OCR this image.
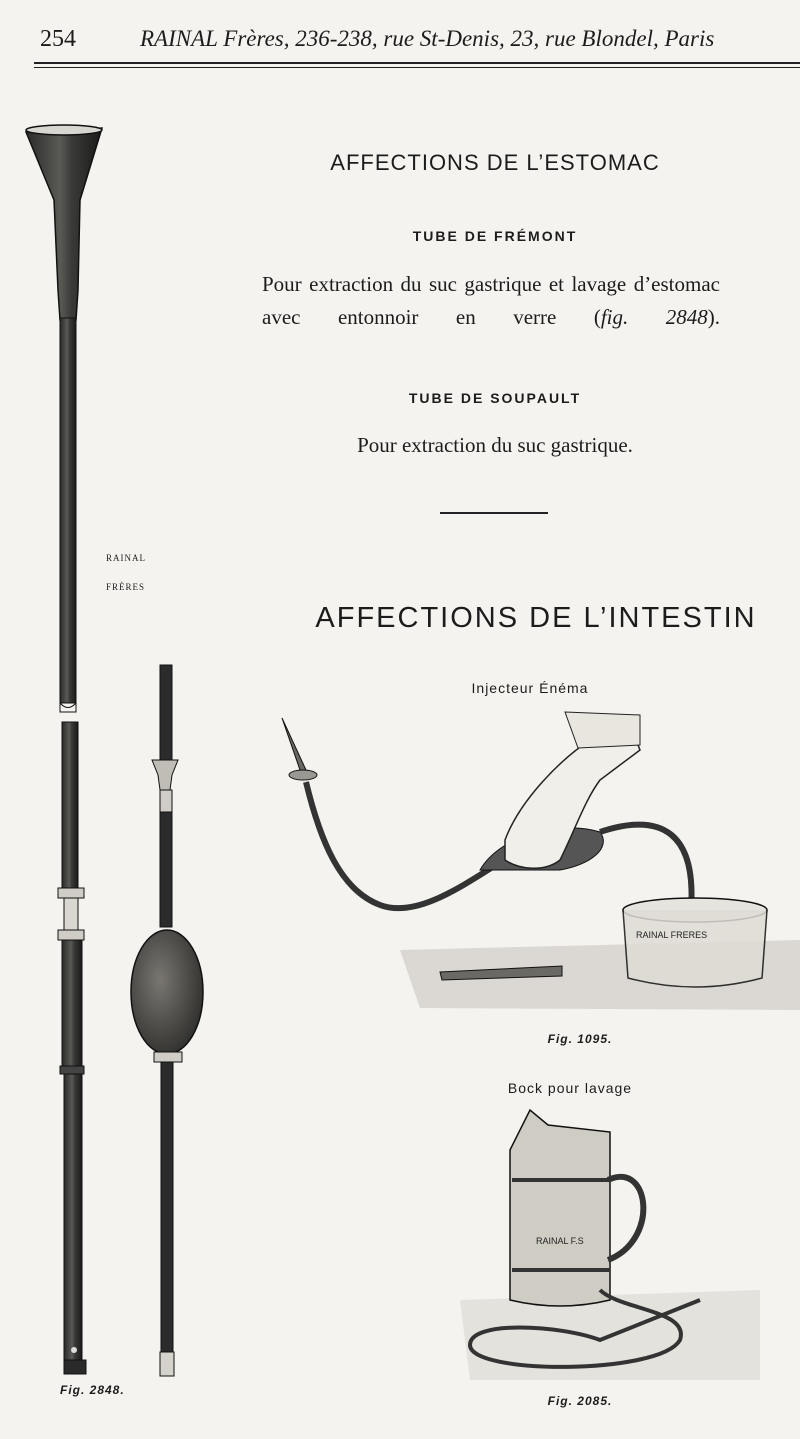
254	RAINAL Frères, 236-238, rue St-Denis, 23, rue Blondel, Paris
AFFECTIONS DE L’ESTOMAC
TUBE DE FRÉMONT
Pour extraction du suc gastrique et lavage d’estomac avec entonnoir en verre (fig. 2848).
TUBE DE SOUPAULT
Pour extraction du suc gastrique.
AFFECTIONS DE L’INTESTIN
Injecteur Énéma
Fig. 1095.
Bock pour lavage
Fig. 2085.
Fig. 2848.
RAINAL
FRÈRES
RAINAL FRERES
RAINAL F.S
